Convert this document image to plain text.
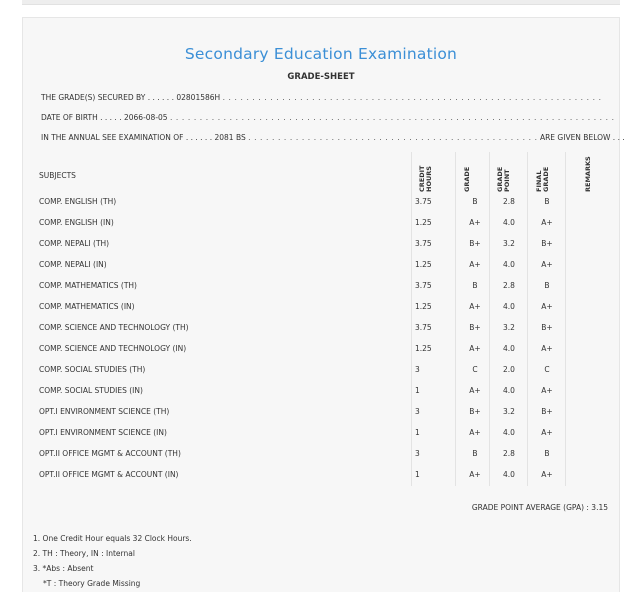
Secondary Education Examination
GRADE-SHEET
THE GRADE(S) SECURED BY . . . . . . 02801586H . . . . . . . . . . . . . . . . . . . . . . . . . . . . . . . . . . . . . . . . . . . . . . . . . . . . . . . . . . . . . . . .
DATE OF BIRTH . . . . . 2066-08-05 . . . . . . . . . . . . . . . . . . . . . . . . . . . . . . . . . . . . . . . . . . . . . . . . . . . . . . . . . . . . . . . . . . . . . . . . . . .
IN THE ANNUAL SEE EXAMINATION OF . . . . . . 2081 BS . . . . . . . . . . . . . . . . . . . . . . . . . . . . . . . . . . . . . . . . . . . . . . . . . ARE GIVEN BELOW . . .
SUBJECTS	CREDIT HOURS	GRADE	GRADE POINT	FINAL GRADE	REMARKS
COMP. ENGLISH (TH)	3.75	B	2.8	B
COMP. ENGLISH (IN)	1.25	A+	4.0	A+
COMP. NEPALI (TH)	3.75	B+	3.2	B+
COMP. NEPALI (IN)	1.25	A+	4.0	A+
COMP. MATHEMATICS (TH)	3.75	B	2.8	B
COMP. MATHEMATICS (IN)	1.25	A+	4.0	A+
COMP. SCIENCE AND TECHNOLOGY (TH)	3.75	B+	3.2	B+
COMP. SCIENCE AND TECHNOLOGY (IN)	1.25	A+	4.0	A+
COMP. SOCIAL STUDIES (TH)	3	C	2.0	C
COMP. SOCIAL STUDIES (IN)	1	A+	4.0	A+
OPT.I ENVIRONMENT SCIENCE (TH)	3	B+	3.2	B+
OPT.I ENVIRONMENT SCIENCE (IN)	1	A+	4.0	A+
OPT.II OFFICE MGMT & ACCOUNT (TH)	3	B	2.8	B
OPT.II OFFICE MGMT & ACCOUNT (IN)	1	A+	4.0	A+
GRADE POINT AVERAGE (GPA) : 3.15
1. One Credit Hour equals 32 Clock Hours.
2. TH : Theory, IN : Internal
3. *Abs : Absent
*T : Theory Grade Missing
